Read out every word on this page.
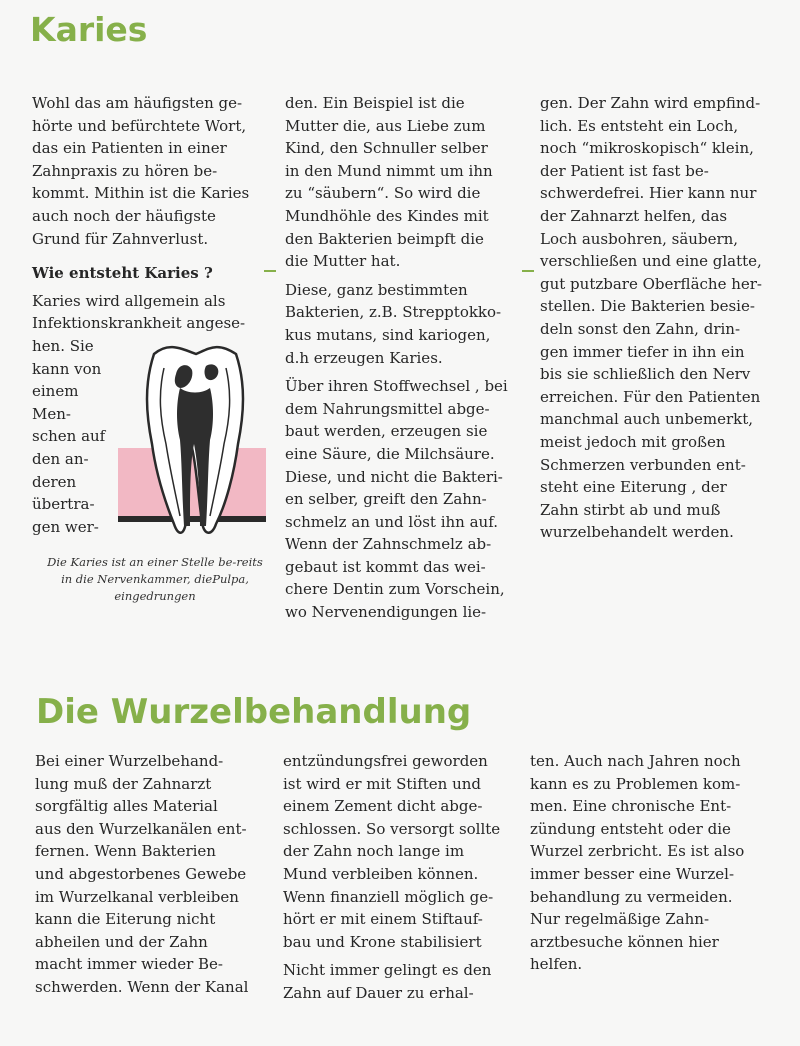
Karies

Wohl das am häufigsten ge-
hörte und befürchtete Wort,
das ein Patienten in einer
Zahnpraxis zu hören be-
kommt. Mithin ist die Karies
auch noch der häufigste
Grund für Zahnverlust.

Wie entsteht Karies ?

Karies wird allgemein als
Infektionskrankheit angese-
hen. Sie

kann von
einem
Men-
schen auf
den an-
deren
übertra-
gen wer-

Die Karies ist an einer Stelle be-reits in die Nervenkammer, diePulpa, eingedrungen

den. Ein Beispiel ist die
Mutter die, aus Liebe zum
Kind, den Schnuller selber
in den Mund nimmt um ihn
zu “säubern“. So wird die
Mundhöhle des Kindes mit
den Bakterien beimpft die
die Mutter hat.

Diese, ganz bestimmten
Bakterien, z.B. Strepptokko-
kus mutans, sind kariogen,
d.h erzeugen Karies.

Über ihren Stoffwechsel , bei
dem Nahrungsmittel abge-
baut werden, erzeugen sie
eine Säure, die Milchsäure.
Diese, und nicht die Bakteri-
en selber, greift den Zahn-
schmelz an und löst ihn auf.
Wenn der Zahnschmelz ab-
gebaut ist kommt das wei-
chere Dentin zum Vorschein,
wo Nervenendigungen lie-

gen. Der Zahn wird empfind-
lich. Es entsteht ein Loch,
noch “mikroskopisch“ klein,
der Patient ist fast be-
schwerdefrei. Hier kann nur
der Zahnarzt helfen, das
Loch ausbohren, säubern,
verschließen und eine glatte,
gut putzbare Oberfläche her-
stellen. Die Bakterien besie-
deln sonst den Zahn, drin-
gen immer tiefer in ihn ein
bis sie schließlich den Nerv
erreichen. Für den Patienten
manchmal auch unbemerkt,
meist jedoch mit großen
Schmerzen verbunden ent-
steht eine Eiterung , der
Zahn stirbt ab und muß
wurzelbehandelt werden.

Die Wurzelbehandlung

Bei einer Wurzelbehand-
lung muß der Zahnarzt
sorgfältig alles Material
aus den Wurzelkanälen ent-
fernen. Wenn Bakterien
und abgestorbenes Gewebe
im Wurzelkanal verbleiben
kann die Eiterung nicht
abheilen und der Zahn
macht immer wieder Be-
schwerden. Wenn der Kanal

entzündungsfrei geworden
ist wird er mit Stiften und
einem Zement dicht abge-
schlossen. So versorgt sollte
der Zahn noch lange im
Mund verbleiben können.
Wenn finanziell möglich ge-
hört er mit einem Stiftauf-
bau und Krone stabilisiert

Nicht immer gelingt es den
Zahn auf Dauer zu erhal-

ten. Auch nach Jahren noch
kann es zu Problemen kom-
men. Eine chronische Ent-
zündung entsteht oder die
Wurzel zerbricht. Es ist also
immer besser eine Wurzel-
behandlung zu vermeiden.
Nur regelmäßige Zahn-
arztbesuche können hier
helfen.
